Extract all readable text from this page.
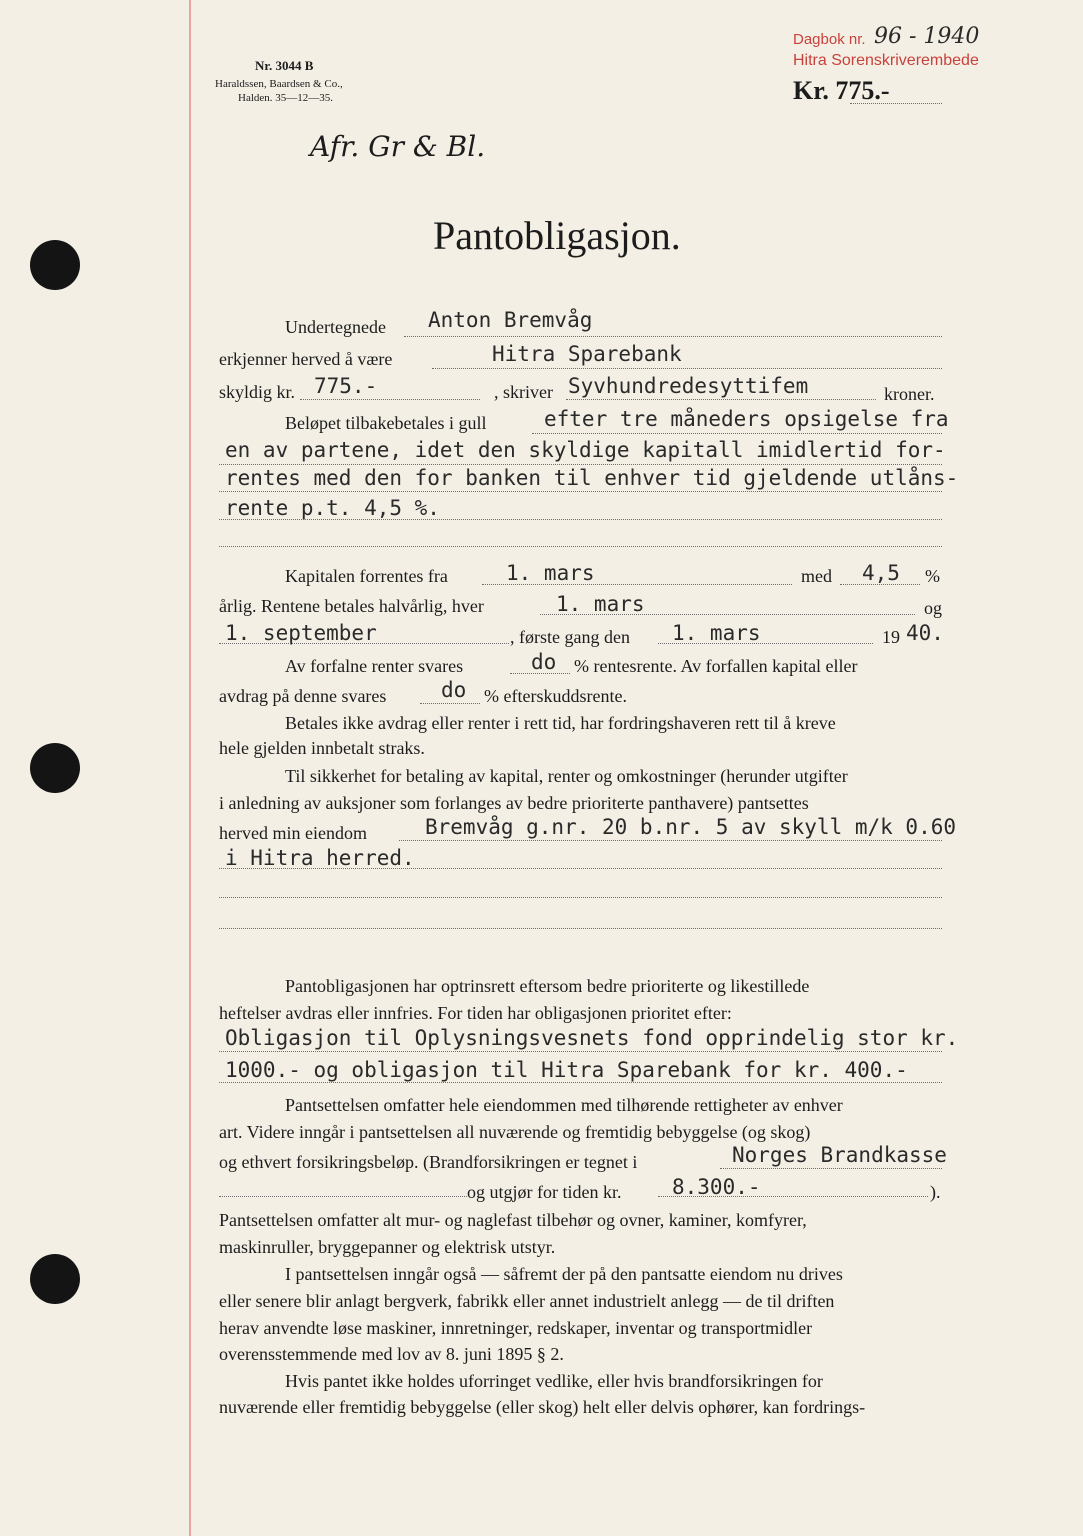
Nr. 3044 B
Haraldssen, Baardsen & Co.,
Halden. 35—12—35.
Dagbok nr. 96 - 1940
Hitra Sorenskriverembede
Kr. 775.-
Afr. Gr & Bl.
Pantobligasjon.
Undertegnede Anton Bremvåg
erkjenner herved å være	Hitra Sparebank
skyldig kr. 775.-	, skriver Syvhundredesyttifem	kroner.
Beløpet tilbakebetales i gull	efter tre måneders opsigelse fra
en av partene, idet den skyldige kapitall imidlertid for-
rentes med den for banken til enhver tid gjeldende utlåns-
rente p.t. 4,5 %.
Kapitalen forrentes fra	1. mars	med 4,5 %
årlig. Rentene betales halvårlig, hver	1. mars	og
1. september	, første gang den 1. mars	19 40.
Av forfalne renter svares	do % rentesrente. Av forfallen kapital eller
avdrag på denne svares	do % efterskuddsrente.
Betales ikke avdrag eller renter i rett tid, har fordringshaveren rett til å kreve
hele gjelden innbetalt straks.
Til sikkerhet for betaling av kapital, renter og omkostninger (herunder utgifter
i anledning av auksjoner som forlanges av bedre prioriterte panthavere) pantsettes
herved min eiendom	Bremvåg g.nr. 20 b.nr. 5 av skyll m/k 0.60
i Hitra herred.
Pantobligasjonen har optrinsrett eftersom bedre prioriterte og likestillede
heftelser avdras eller innfries. For tiden har obligasjonen prioritet efter:
Obligasjon til Oplysningsvesnets fond opprindelig stor kr.
1000.- og obligasjon til Hitra Sparebank for kr. 400.-
Pantsettelsen omfatter hele eiendommen med tilhørende rettigheter av enhver
art. Videre inngår i pantsettelsen all nuværende og fremtidig bebyggelse (og skog)
og ethvert forsikringsbeløp. (Brandforsikringen er tegnet i	Norges Brandkasse
og utgjør for tiden kr. 8.300.-	).
Pantsettelsen omfatter alt mur- og naglefast tilbehør og ovner, kaminer, komfyrer,
maskinruller, bryggepanner og elektrisk utstyr.
I pantsettelsen inngår også — såfremt der på den pantsatte eiendom nu drives
eller senere blir anlagt bergverk, fabrikk eller annet industrielt anlegg — de til driften
herav anvendte løse maskiner, innretninger, redskaper, inventar og transportmidler
overensstemmende med lov av 8. juni 1895 § 2.
Hvis pantet ikke holdes uforringet vedlike, eller hvis brandforsikringen for
nuværende eller fremtidig bebyggelse (eller skog) helt eller delvis ophører, kan fordrings-
